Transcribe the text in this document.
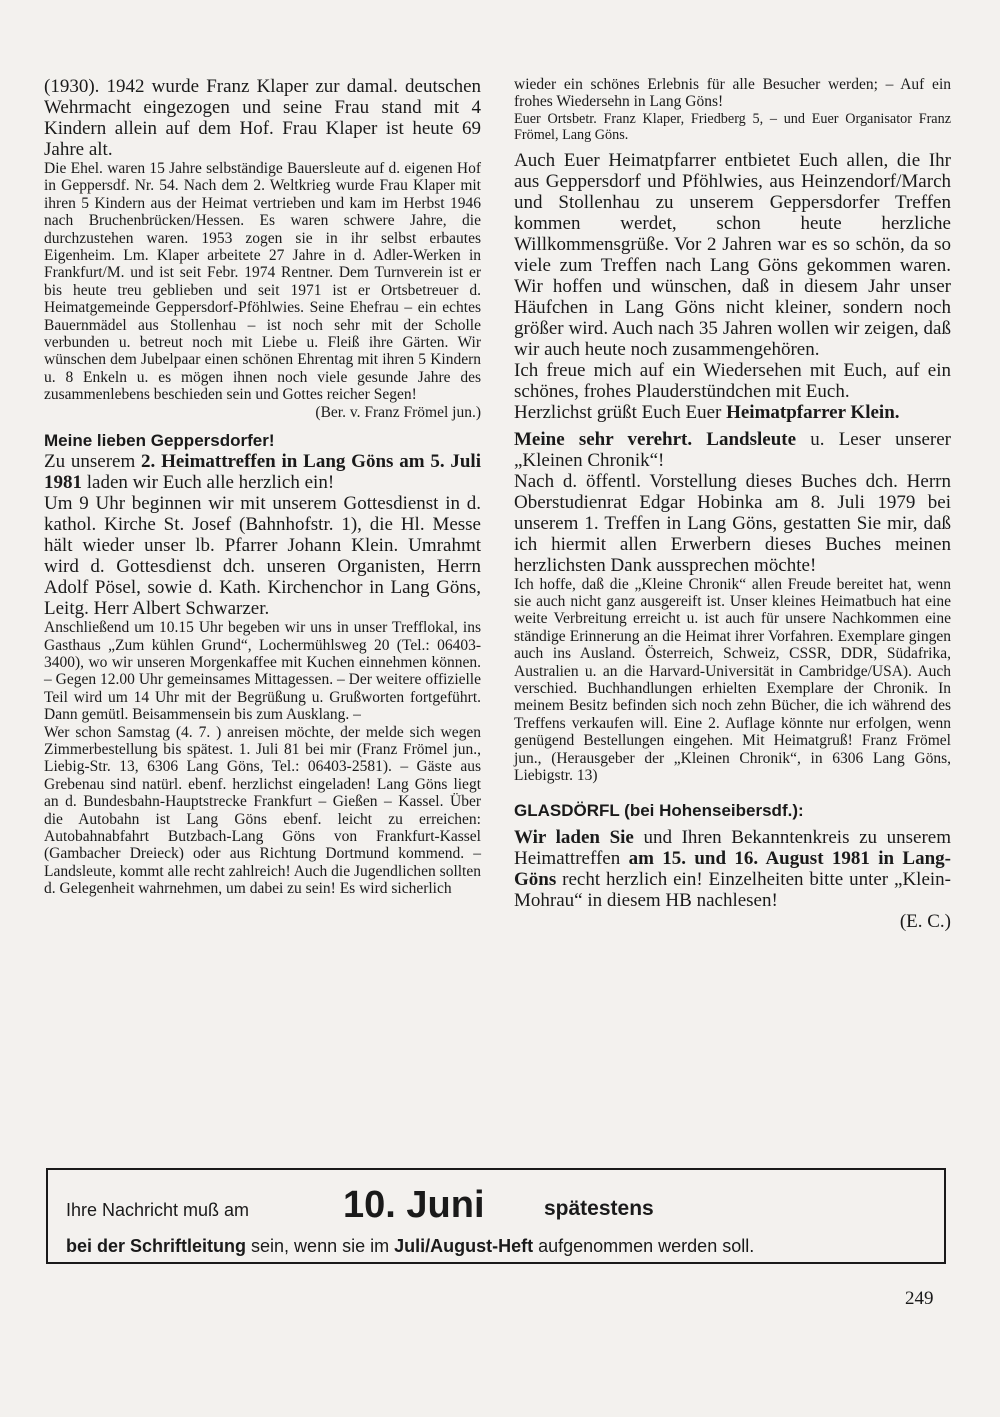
(1930). 1942 wurde Franz Klaper zur damal. deutschen Wehrmacht eingezogen und seine Frau stand mit 4 Kindern allein auf dem Hof. Frau Klaper ist heute 69 Jahre alt.

Die Ehel. waren 15 Jahre selbständige Bauersleute auf d. eigenen Hof in Geppersdf. Nr. 54. Nach dem 2. Weltkrieg wurde Frau Klaper mit ihren 5 Kindern aus der Heimat vertrieben und kam im Herbst 1946 nach Bruchenbrücken/Hessen. Es waren schwere Jahre, die durchzustehen waren. 1953 zogen sie in ihr selbst erbautes Eigenheim. Lm. Klaper arbeitete 27 Jahre in d. Adler-Werken in Frankfurt/M. und ist seit Febr. 1974 Rentner. Dem Turnverein ist er bis heute treu geblieben und seit 1971 ist er Ortsbetreuer d. Heimatgemeinde Geppersdorf-Pföhlwies. Seine Ehefrau – ein echtes Bauernmädel aus Stollenhau – ist noch sehr mit der Scholle verbunden u. betreut noch mit Liebe u. Fleiß ihre Gärten. Wir wünschen dem Jubelpaar einen schönen Ehrentag mit ihren 5 Kindern u. 8 Enkeln u. es mögen ihnen noch viele gesunde Jahre des zusammenlebens beschieden sein und Gottes reicher Segen!

(Ber. v. Franz Frömel jun.)

Meine lieben Geppersdorfer!

Zu unserem 2. Heimattreffen in Lang Göns am 5. Juli 1981 laden wir Euch alle herzlich ein!

Um 9 Uhr beginnen wir mit unserem Gottesdienst in d. kathol. Kirche St. Josef (Bahnhofstr. 1), die Hl. Messe hält wieder unser lb. Pfarrer Johann Klein. Umrahmt wird d. Gottesdienst dch. unseren Organisten, Herrn Adolf Pösel, sowie d. Kath. Kirchenchor in Lang Göns, Leitg. Herr Albert Schwarzer.

Anschließend um 10.15 Uhr begeben wir uns in unser Trefflokal, ins Gasthaus „Zum kühlen Grund“, Lochermühlsweg 20 (Tel.: 06403-3400), wo wir unseren Morgenkaffee mit Kuchen einnehmen können. – Gegen 12.00 Uhr gemeinsames Mittagessen. – Der weitere offizielle Teil wird um 14 Uhr mit der Begrüßung u. Grußworten fortgeführt. Dann gemütl. Beisammensein bis zum Ausklang. –

Wer schon Samstag (4. 7. ) anreisen möchte, der melde sich wegen Zimmerbestellung bis spätest. 1. Juli 81 bei mir (Franz Frömel jun., Liebig-Str. 13, 6306 Lang Göns, Tel.: 06403-2581). – Gäste aus Grebenau sind natürl. ebenf. herzlichst eingeladen! Lang Göns liegt an d. Bundesbahn-Hauptstrecke Frankfurt – Gießen – Kassel. Über die Autobahn ist Lang Göns ebenf. leicht zu erreichen: Autobahnabfahrt Butzbach-Lang Göns von Frankfurt-Kassel (Gambacher Dreieck) oder aus Richtung Dortmund kommend. – Landsleute, kommt alle recht zahlreich! Auch die Jugendlichen sollten d. Gelegenheit wahrnehmen, um dabei zu sein! Es wird sicherlich

wieder ein schönes Erlebnis für alle Besucher werden; – Auf ein frohes Wiedersehn in Lang Göns!

Euer Ortsbetr. Franz Klaper, Friedberg 5, – und Euer Organisator Franz Frömel, Lang Göns.

Auch Euer Heimatpfarrer entbietet Euch allen, die Ihr aus Geppersdorf und Pföhlwies, aus Heinzendorf/March und Stollenhau zu unserem Geppersdorfer Treffen kommen werdet, schon heute herzliche Willkommensgrüße. Vor 2 Jahren war es so schön, da so viele zum Treffen nach Lang Göns gekommen waren. Wir hoffen und wünschen, daß in diesem Jahr unser Häufchen in Lang Göns nicht kleiner, sondern noch größer wird. Auch nach 35 Jahren wollen wir zeigen, daß wir auch heute noch zusammengehören.

Ich freue mich auf ein Wiedersehen mit Euch, auf ein schönes, frohes Plauderstündchen mit Euch.

Herzlichst grüßt Euch Euer Heimatpfarrer Klein.

Meine sehr verehrt. Landsleute u. Leser unserer „Kleinen Chronik“!

Nach d. öffentl. Vorstellung dieses Buches dch. Herrn Oberstudienrat Edgar Hobinka am 8. Juli 1979 bei unserem 1. Treffen in Lang Göns, gestatten Sie mir, daß ich hiermit allen Erwerbern dieses Buches meinen herzlichsten Dank aussprechen möchte!

Ich hoffe, daß die „Kleine Chronik“ allen Freude bereitet hat, wenn sie auch nicht ganz ausgereift ist. Unser kleines Heimatbuch hat eine weite Verbreitung erreicht u. ist auch für unsere Nachkommen eine ständige Erinnerung an die Heimat ihrer Vorfahren. Exemplare gingen auch ins Ausland. Österreich, Schweiz, CSSR, DDR, Südafrika, Australien u. an die Harvard-Universität in Cambridge/USA). Auch verschied. Buchhandlungen erhielten Exemplare der Chronik. In meinem Besitz befinden sich noch zehn Bücher, die ich während des Treffens verkaufen will. Eine 2. Auflage könnte nur erfolgen, wenn genügend Bestellungen eingehen. Mit Heimatgruß! Franz Frömel jun., (Herausgeber der „Kleinen Chronik“, in 6306 Lang Göns, Liebigstr. 13)

GLASDÖRFL (bei Hohenseibersdf.):

Wir laden Sie und Ihren Bekanntenkreis zu unserem Heimattreffen am 15. und 16. August 1981 in Lang-Göns recht herzlich ein! Einzelheiten bitte unter „Klein-Mohrau“ in diesem HB nachlesen!

(E. C.)

Ihre Nachricht muß am 10. Juni	spätestens
bei der Schriftleitung sein, wenn sie im Juli/August-Heft aufgenommen werden soll.
249
